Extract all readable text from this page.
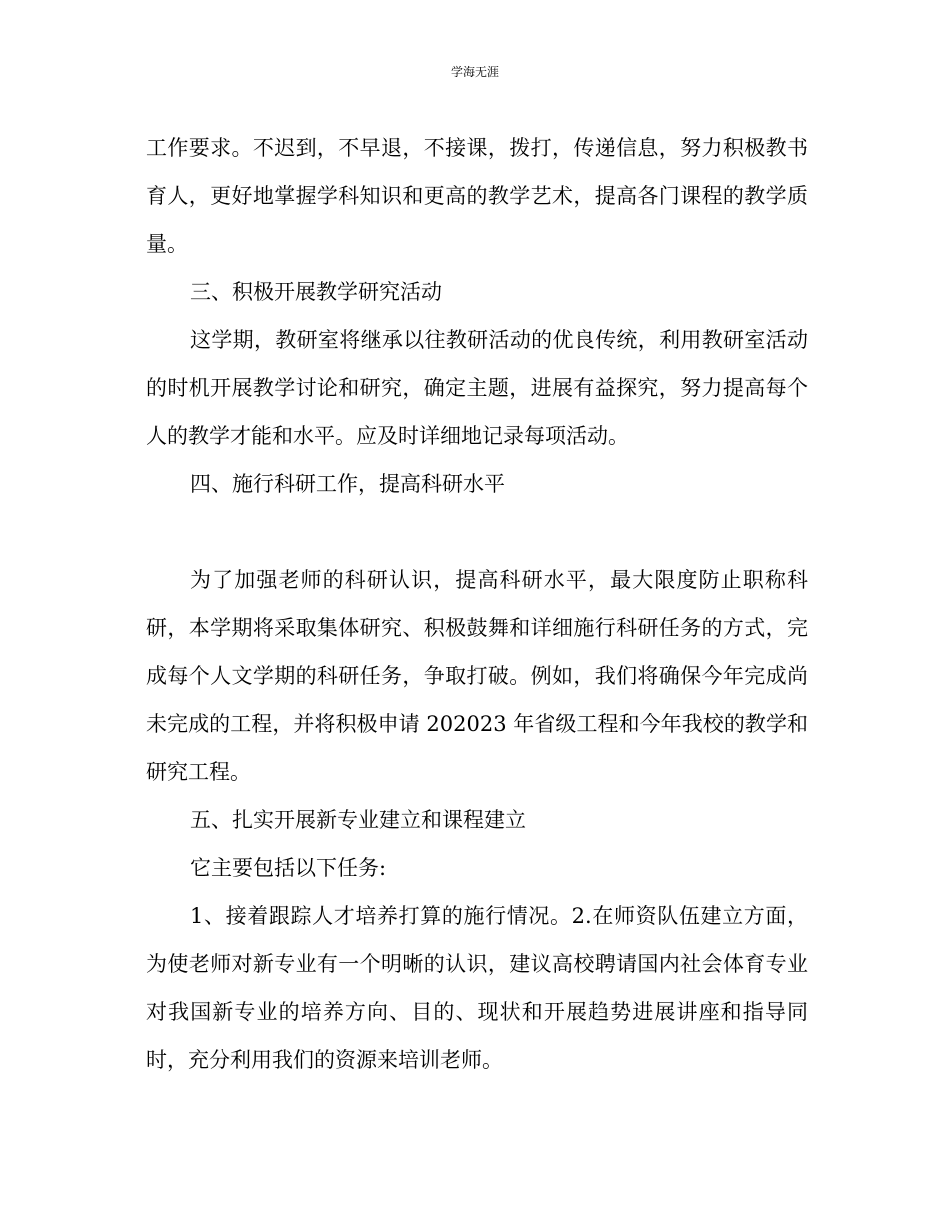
学海无涯

工作要求。不迟到，不早退，不接课，拨打，传递信息，努力积极教书育人，更好地掌握学科知识和更高的教学艺术，提高各门课程的教学质量。

三、积极开展教学研究活动

这学期，教研室将继承以往教研活动的优良传统，利用教研室活动的时机开展教学讨论和研究，确定主题，进展有益探究，努力提高每个人的教学才能和水平。应及时详细地记录每项活动。

四、施行科研工作，提高科研水平

为了加强老师的科研认识，提高科研水平，最大限度防止职称科研，本学期将采取集体研究、积极鼓舞和详细施行科研任务的方式，完成每个人文学期的科研任务，争取打破。例如，我们将确保今年完成尚未完成的工程，并将积极申请 202023 年省级工程和今年我校的教学和研究工程。

五、扎实开展新专业建立和课程建立

它主要包括以下任务:

1、接着跟踪人才培养打算的施行情况。2.在师资队伍建立方面，为使老师对新专业有一个明晰的认识，建议高校聘请国内社会体育专业对我国新专业的培养方向、目的、现状和开展趋势进展讲座和指导同时，充分利用我们的资源来培训老师。
